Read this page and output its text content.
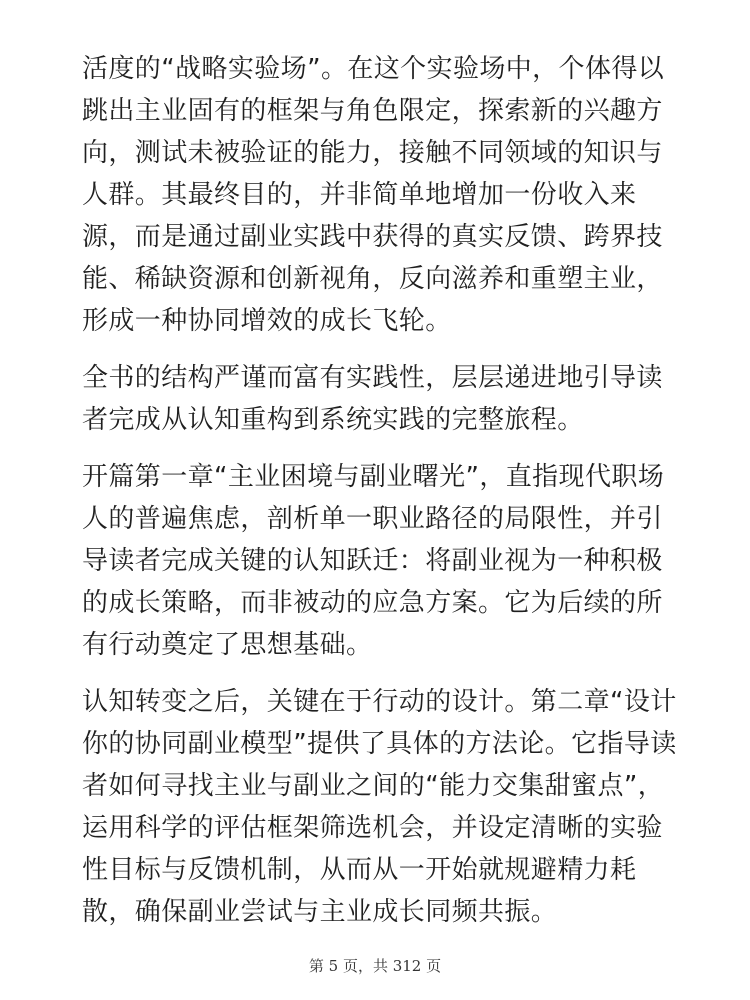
活度的“战略实验场”。在这个实验场中，个体得以跳出主业固有的框架与角色限定，探索新的兴趣方向，测试未被验证的能力，接触不同领域的知识与人群。其最终目的，并非简单地增加一份收入来源，而是通过副业实践中获得的真实反馈、跨界技能、稀缺资源和创新视角，反向滋养和重塑主业，形成一种协同增效的成长飞轮。

全书的结构严谨而富有实践性，层层递进地引导读者完成从认知重构到系统实践的完整旅程。

开篇第一章“主业困境与副业曙光”，直指现代职场人的普遍焦虑，剖析单一职业路径的局限性，并引导读者完成关键的认知跃迁：将副业视为一种积极的成长策略，而非被动的应急方案。它为后续的所有行动奠定了思想基础。

认知转变之后，关键在于行动的设计。第二章“设计你的协同副业模型”提供了具体的方法论。它指导读者如何寻找主业与副业之间的“能力交集甜蜜点”，运用科学的评估框架筛选机会，并设定清晰的实验性目标与反馈机制，从而从一开始就规避精力耗散，确保副业尝试与主业成长同频共振。

第 5 页，共 312 页
